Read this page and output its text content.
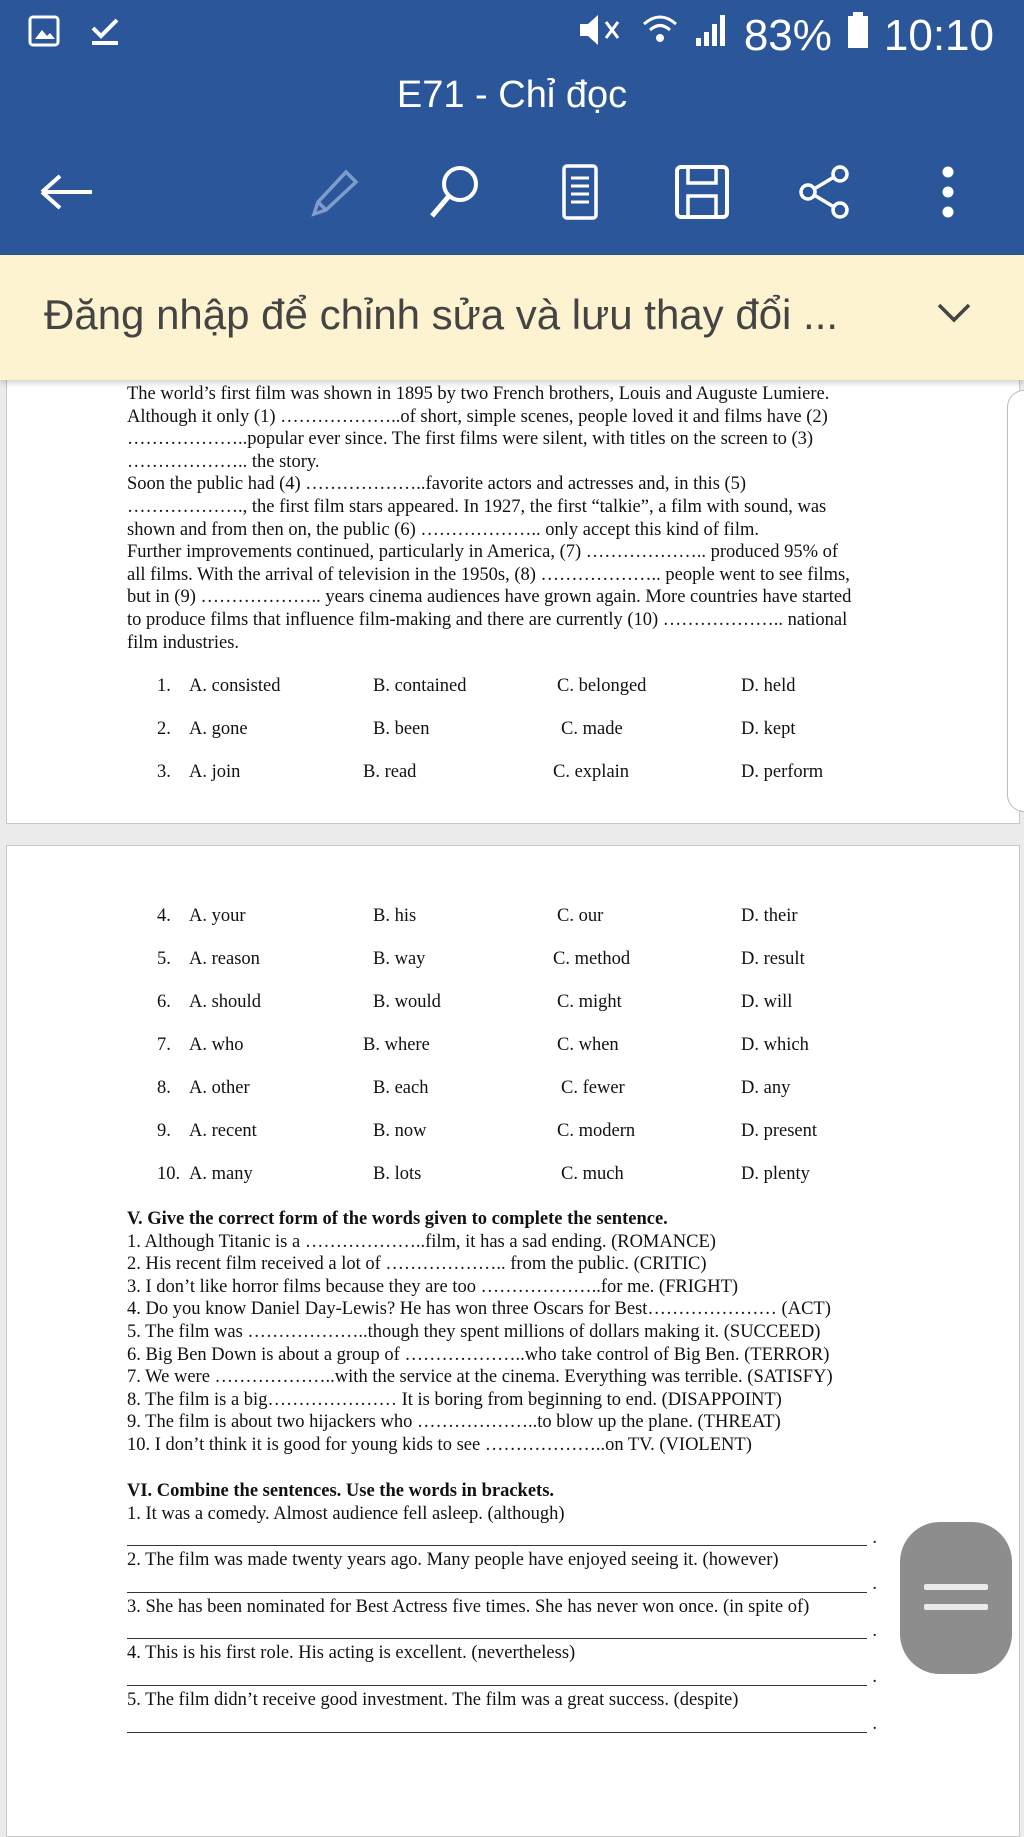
83% 10:10
E71 - Chỉ đọc
Đăng nhập để chỉnh sửa và lưu thay đổi ...
The world’s first film was shown in 1895 by two French brothers, Louis and Auguste Lumiere.
Although it only (1) ………………..of short, simple scenes, people loved it and films have (2)
………………..popular ever since. The first films were silent, with titles on the screen to (3)
……………….. the story.
Soon the public had (4) ………………..favorite actors and actresses and, in this (5)
………………., the first film stars appeared. In 1927, the first “talkie”, a film with sound, was
shown and from then on, the public (6) ……………….. only accept this kind of film.
Further improvements continued, particularly in America, (7) ……………….. produced 95% of
all films. With the arrival of television in the 1950s, (8) ……………….. people went to see films,
but in (9) ……………….. years cinema audiences have grown again. More countries have started
to produce films that influence film-making and there are currently (10) ……………….. national
film industries.
1. A. consisted	B. contained	C. belonged	D. held
2. A. gone	B. been	C. made	D. kept
3. A. join	B. read	C. explain	D. perform
4. A. your	B. his	C. our	D. their
5. A. reason	B. way	C. method	D. result
6. A. should	B. would	C. might	D. will
7. A. who	B. where	C. when	D. which
8. A. other	B. each	C. fewer	D. any
9. A. recent	B. now	C. modern	D. present
10. A. many	B. lots	C. much	D. plenty
V. Give the correct form of the words given to complete the sentence.
1. Although Titanic is a ………………..film, it has a sad ending. (ROMANCE)
2. His recent film received a lot of ……………….. from the public. (CRITIC)
3. I don’t like horror films because they are too ………………..for me. (FRIGHT)
4. Do you know Daniel Day-Lewis? He has won three Oscars for Best………………… (ACT)
5. The film was ………………..though they spent millions of dollars making it. (SUCCEED)
6. Big Ben Down is about a group of ………………..who take control of Big Ben. (TERROR)
7. We were ………………..with the service at the cinema. Everything was terrible. (SATISFY)
8. The film is a big………………… It is boring from beginning to end. (DISAPPOINT)
9. The film is about two hijackers who ………………..to blow up the plane. (THREAT)
10. I don’t think it is good for young kids to see ………………..on TV. (VIOLENT)
VI. Combine the sentences. Use the words in brackets.
1. It was a comedy. Almost audience fell asleep. (although)
.
2. The film was made twenty years ago. Many people have enjoyed seeing it. (however)
.
3. She has been nominated for Best Actress five times. She has never won once. (in spite of)
.
4. This is his first role. His acting is excellent. (nevertheless)
.
5. The film didn’t receive good investment. The film was a great success. (despite)
.
